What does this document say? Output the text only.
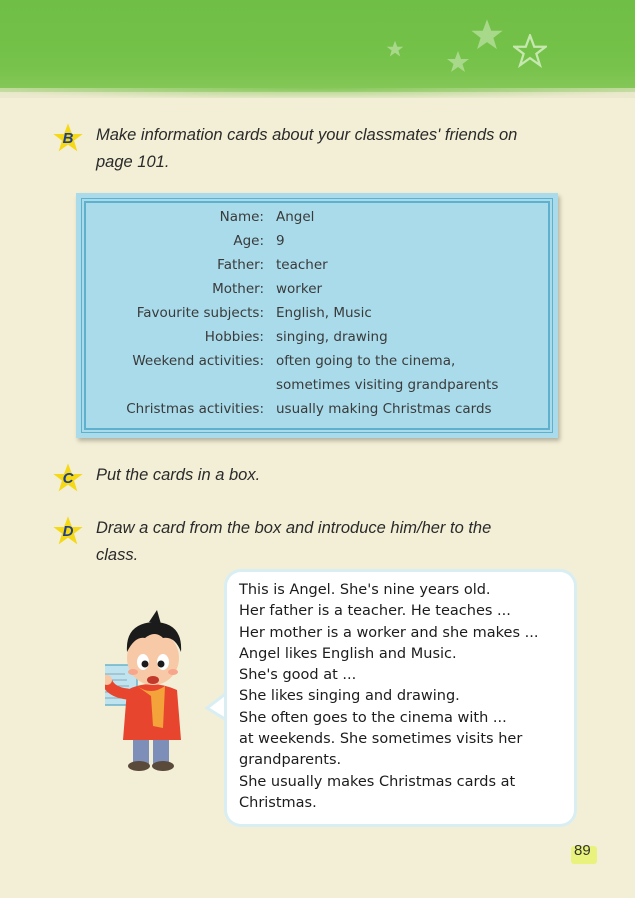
B	Make information cards about your classmates' friends on
page 101.
Name: Angel
Age: 9
Father: teacher
Mother: worker
Favourite subjects: English, Music
Hobbies: singing, drawing
Weekend activities: often going to the cinema,
sometimes visiting grandparents
Christmas activities: usually making Christmas cards
C	Put the cards in a box.
D	Draw a card from the box and introduce him/her to the
class.
This is Angel. She's nine years old.
Her father is a teacher. He teaches ...
Her mother is a worker and she makes ...
Angel likes English and Music.
She's good at ...
She likes singing and drawing.
She often goes to the cinema with ...
at weekends. She sometimes visits her
grandparents.
She usually makes Christmas cards at
Christmas.
89
